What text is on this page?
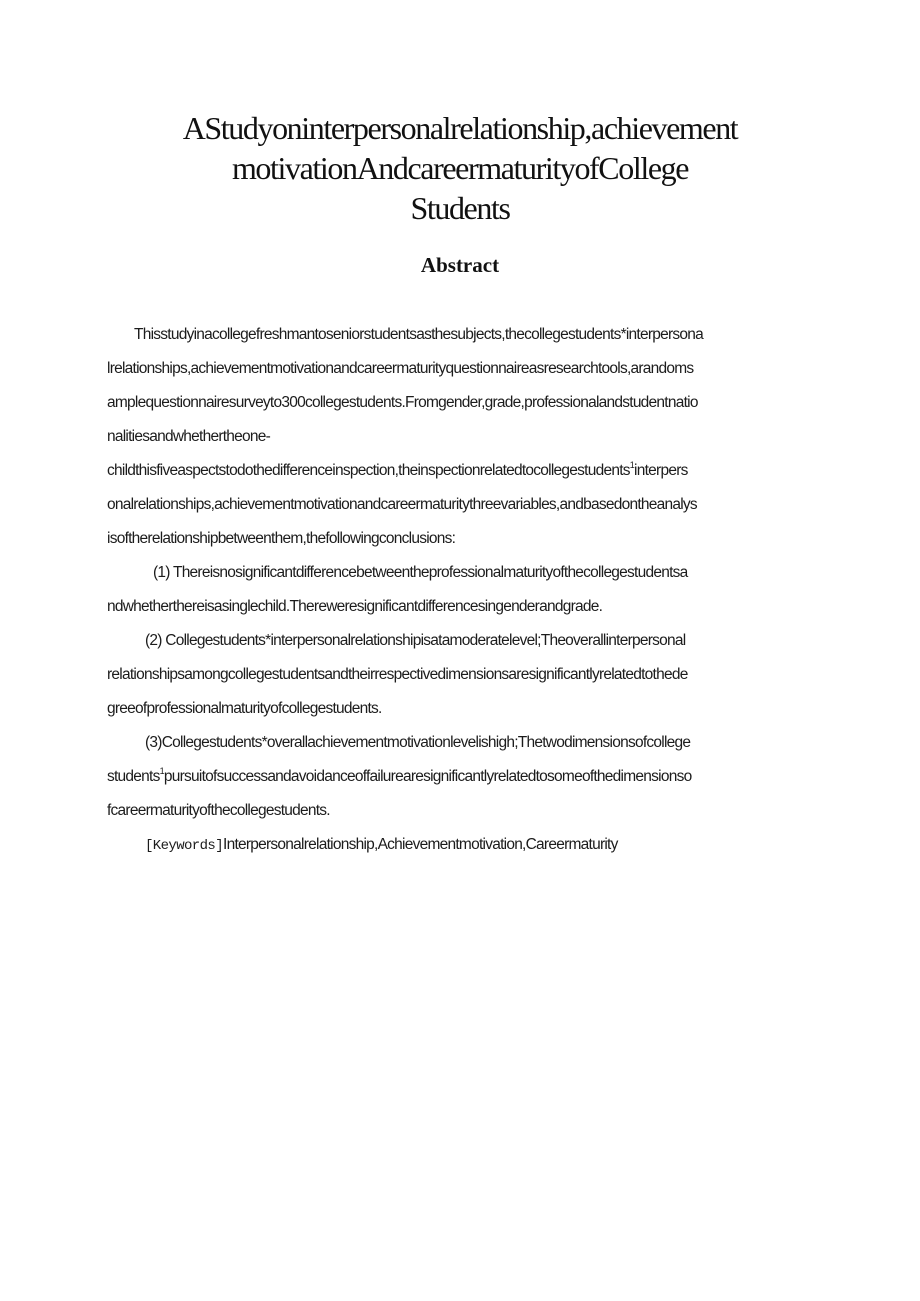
AStudyoninterpersonalrelationship,achievement
motivationAndcareermaturityofCollege
Students
Abstract
Thisstudyinacollegefreshmantoseniorstudentsasthesubjects,thecollegestudents*interpersona
lrelationships,achievementmotivationandcareermaturityquestionnaireasresearchtools,arandoms
amplequestionnairesurveyto300collegestudents.Fromgender,grade,professionalandstudentnatio
nalitiesandwhethertheone-
childthisfiveaspectstodothedifferenceinspection,theinspectionrelatedtocollegestudents$^1$interpers
onalrelationships,achievementmotivationandcareermaturitythreevariables,andbasedontheanalys
isoftherelationshipbetweenthem,thefollowingconclusions:
(1) Thereisnosignificantdifferencebetweentheprofessionalmaturityofthecollegestudentsa
ndwhetherthereisasinglechild.Thereweresignificantdifferencesingenderandgrade.
(2) Collegestudents*interpersonalrelationshipisatamoderatelevel;Theoverallinterpersonal
relationshipsamongcollegestudentsandtheirrespectivedimensionsaresignificantlyrelatedtothede
greeofprofessionalmaturityofcollegestudents.
(3)Collegestudents*overallachievementmotivationlevelishigh;Thetwodimensionsofcollege
students$^1$pursuitofsuccessandavoidanceoffailurearesignificantlyrelatedtosomeofthedimensionso
fcareermaturityofthecollegestudents.
[Keywords]Interpersonalrelationship,Achievementmotivation,Careermaturity
